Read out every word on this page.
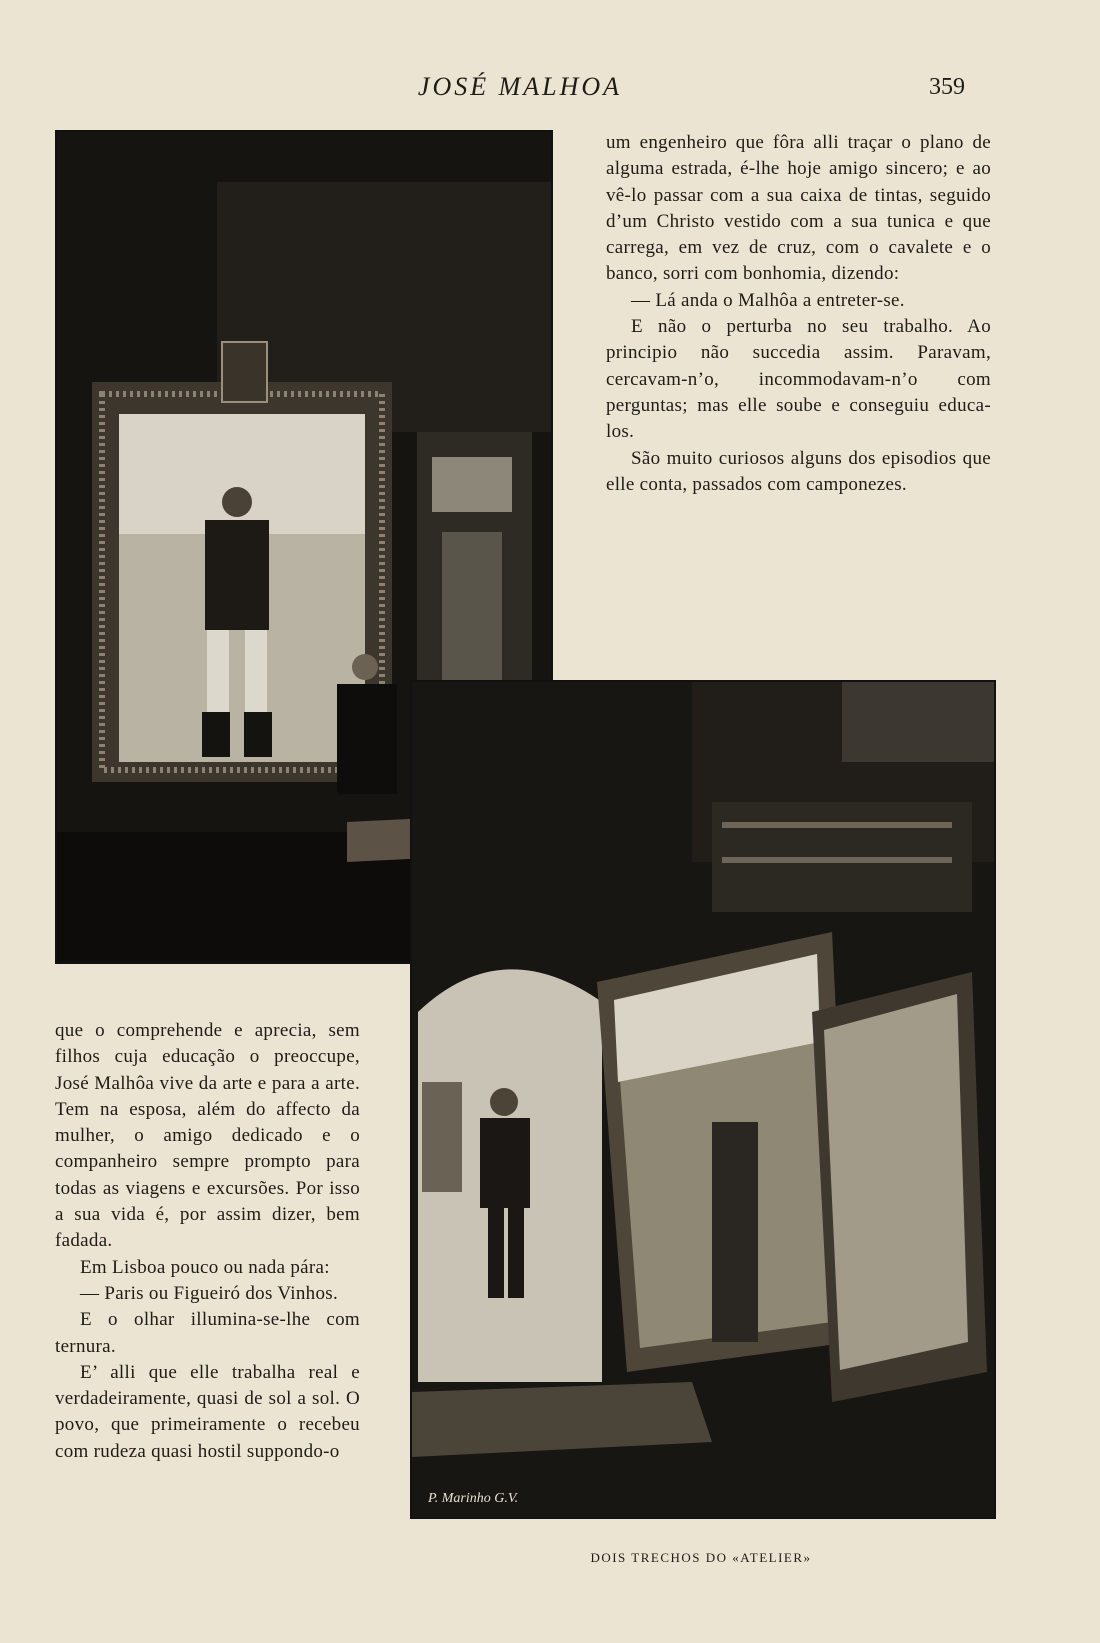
JOSÉ MALHOA	359
P. Marinho G.V.

um engenheiro que fôra alli traçar o plano de alguma estrada, é-lhe hoje amigo sincero; e ao vê-lo passar com a sua caixa de tintas, seguido d’um Christo vestido com a sua tunica e que carrega, em vez de cruz, com o cavalete e o banco, sorri com bonhomia, dizendo:

— Lá anda o Malhôa a entreter-se.

E não o perturba no seu trabalho. Ao principio não succedia assim. Paravam, cercavam-n’o, incommodavam-n’o com perguntas; mas elle soube e conseguiu educa-los.

São muito curiosos alguns dos episodios que elle conta, passados com camponezes.

que o comprehende e aprecia, sem filhos cuja educação o preoccupe, José Malhôa vive da arte e para a arte. Tem na esposa, além do affecto da mulher, o amigo dedicado e o companheiro sempre prompto para todas as viagens e excursões. Por isso a sua vida é, por assim dizer, bem fadada.

Em Lisboa pouco ou nada pára:

— Paris ou Figueiró dos Vinhos.

E o olhar illumina-se-lhe com ternura.

E’ alli que elle trabalha real e verdadeiramente, quasi de sol a sol. O povo, que primeiramente o recebeu com rudeza quasi hostil suppondo-o

DOIS TRECHOS DO «ATELIER»
